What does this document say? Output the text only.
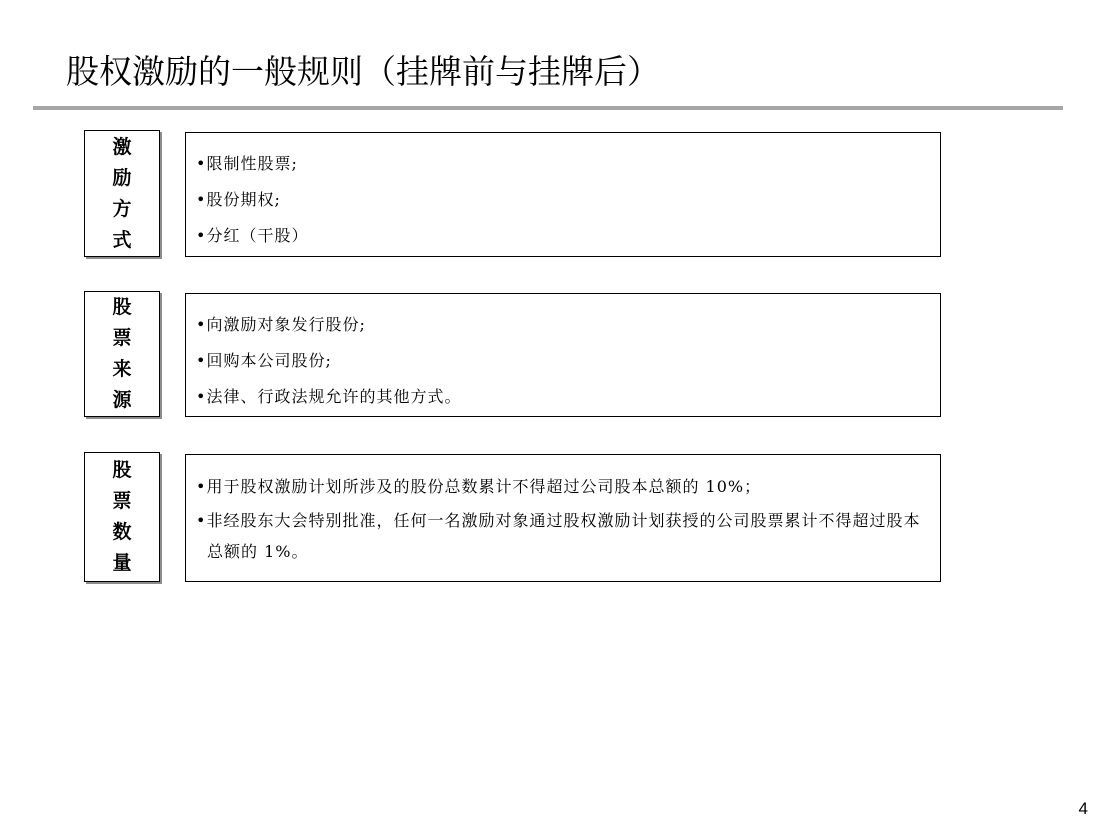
股权激励的一般规则（挂牌前与挂牌后）
激
励
方
式
•限制性股票;
•股份期权;
•分红（干股）
股
票
来
源
•向激励对象发行股份;
•回购本公司股份;
•法律、行政法规允许的其他方式。
股
票
数
量
•用于股权激励计划所涉及的股份总数累计不得超过公司股本总额的 10%；
•非经股东大会特别批准，任何一名激励对象通过股权激励计划获授的公司股票累计不得超过股本总额的 1%。
4
